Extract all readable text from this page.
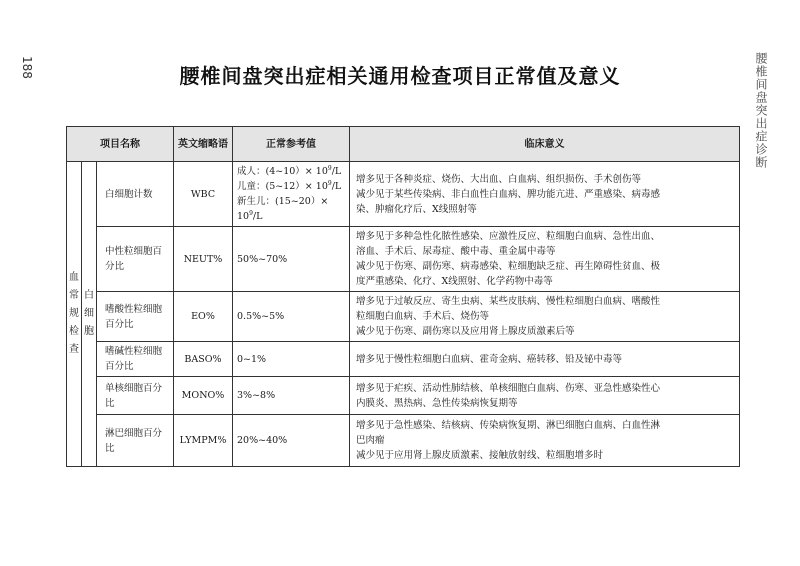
188	腰椎间盘突出症诊断
腰椎间盘突出症相关通用检查项目正常值及意义
项目名称			英文缩略语	正常参考值	临床意义
血常规检查	白细胞	白细胞计数	WBC	成人：(4~10）× $10^9/L$
儿童：(5~12）× $10^9/L$
新生儿：(15~20）× $10^9/L$	增多见于各种炎症、烧伤、大出血、白血病、组织损伤、手术创伤等
减少见于某些传染病、非白血性白血病、脾功能亢进、严重感染、病毒感
染、肿瘤化疗后、X线照射等

		中性粒细胞百分比	NEUT%	50%~70%	增多见于多种急性化脓性感染、应激性反应、粒细胞白血病、急性出血、
溶血、手术后、尿毒症、酸中毒、重金属中毒等
减少见于伤寒、副伤寒、病毒感染、粒细胞缺乏症、再生障碍性贫血、极
度严重感染、化疗、X线照射、化学药物中毒等

		嗜酸性粒细胞百分比	EO%	0.5%~5%	增多见于过敏反应、寄生虫病、某些皮肤病、慢性粒细胞白血病、嗜酸性
粒细胞白血病、手术后、烧伤等
减少见于伤寒、副伤寒以及应用肾上腺皮质激素后等

		嗜碱性粒细胞百分比	BASO%	0~1%	增多见于慢性粒细胞白血病、霍奇金病、癌转移、铅及铋中毒等

		单核细胞百分比	MONO%	3%~8%	增多见于疟疾、活动性肺结核、单核细胞白血病、伤寒、亚急性感染性心
内膜炎、黑热病、急性传染病恢复期等

		淋巴细胞百分比	LYMPM%	20%~40%	增多见于急性感染、结核病、传染病恢复期、淋巴细胞白血病、白血性淋
巴肉瘤
减少见于应用肾上腺皮质激素、接触放射线、粒细胞增多时
